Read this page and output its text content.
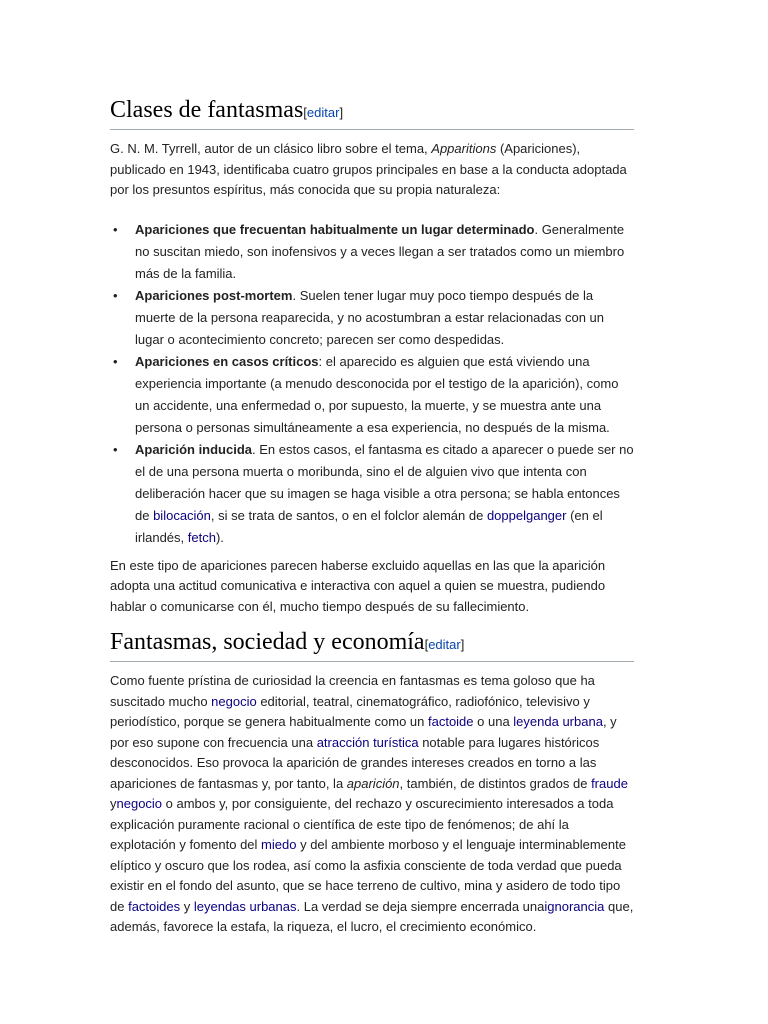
Clases de fantasmas[editar]

G. N. M. Tyrrell, autor de un clásico libro sobre el tema, Apparitions (Apariciones), publicado en 1943, identificaba cuatro grupos principales en base a la conducta adoptada por los presuntos espíritus, más conocida que su propia naturaleza:

• Apariciones que frecuentan habitualmente un lugar determinado. Generalmente no suscitan miedo, son inofensivos y a veces llegan a ser tratados como un miembro más de la familia.
• Apariciones post-mortem. Suelen tener lugar muy poco tiempo después de la muerte de la persona reaparecida, y no acostumbran a estar relacionadas con un lugar o acontecimiento concreto; parecen ser como despedidas.
• Apariciones en casos críticos: el aparecido es alguien que está viviendo una experiencia importante (a menudo desconocida por el testigo de la aparición), como un accidente, una enfermedad o, por supuesto, la muerte, y se muestra ante una persona o personas simultáneamente a esa experiencia, no después de la misma.
• Aparición inducida. En estos casos, el fantasma es citado a aparecer o puede ser no el de una persona muerta o moribunda, sino el de alguien vivo que intenta con deliberación hacer que su imagen se haga visible a otra persona; se habla entonces de bilocación, si se trata de santos, o en el folclor alemán de doppelganger (en el irlandés, fetch).

En este tipo de apariciones parecen haberse excluido aquellas en las que la aparición adopta una actitud comunicativa e interactiva con aquel a quien se muestra, pudiendo hablar o comunicarse con él, mucho tiempo después de su fallecimiento.

Fantasmas, sociedad y economía[editar]

Como fuente prístina de curiosidad la creencia en fantasmas es tema goloso que ha suscitado mucho negocio editorial, teatral, cinematográfico, radiofónico, televisivo y periodístico, porque se genera habitualmente como un factoide o una leyenda urbana, y por eso supone con frecuencia una atracción turística notable para lugares históricos desconocidos. Eso provoca la aparición de grandes intereses creados en torno a las apariciones de fantasmas y, por tanto, la aparición, también, de distintos grados de fraude ynegocio o ambos y, por consiguiente, del rechazo y oscurecimiento interesados a toda explicación puramente racional o científica de este tipo de fenómenos; de ahí la explotación y fomento del miedo y del ambiente morboso y el lenguaje interminablemente elíptico y oscuro que los rodea, así como la asfixia consciente de toda verdad que pueda existir en el fondo del asunto, que se hace terreno de cultivo, mina y asidero de todo tipo de factoides y leyendas urbanas. La verdad se deja siempre encerrada unaignorancia que, además, favorece la estafa, la riqueza, el lucro, el crecimiento económico.
